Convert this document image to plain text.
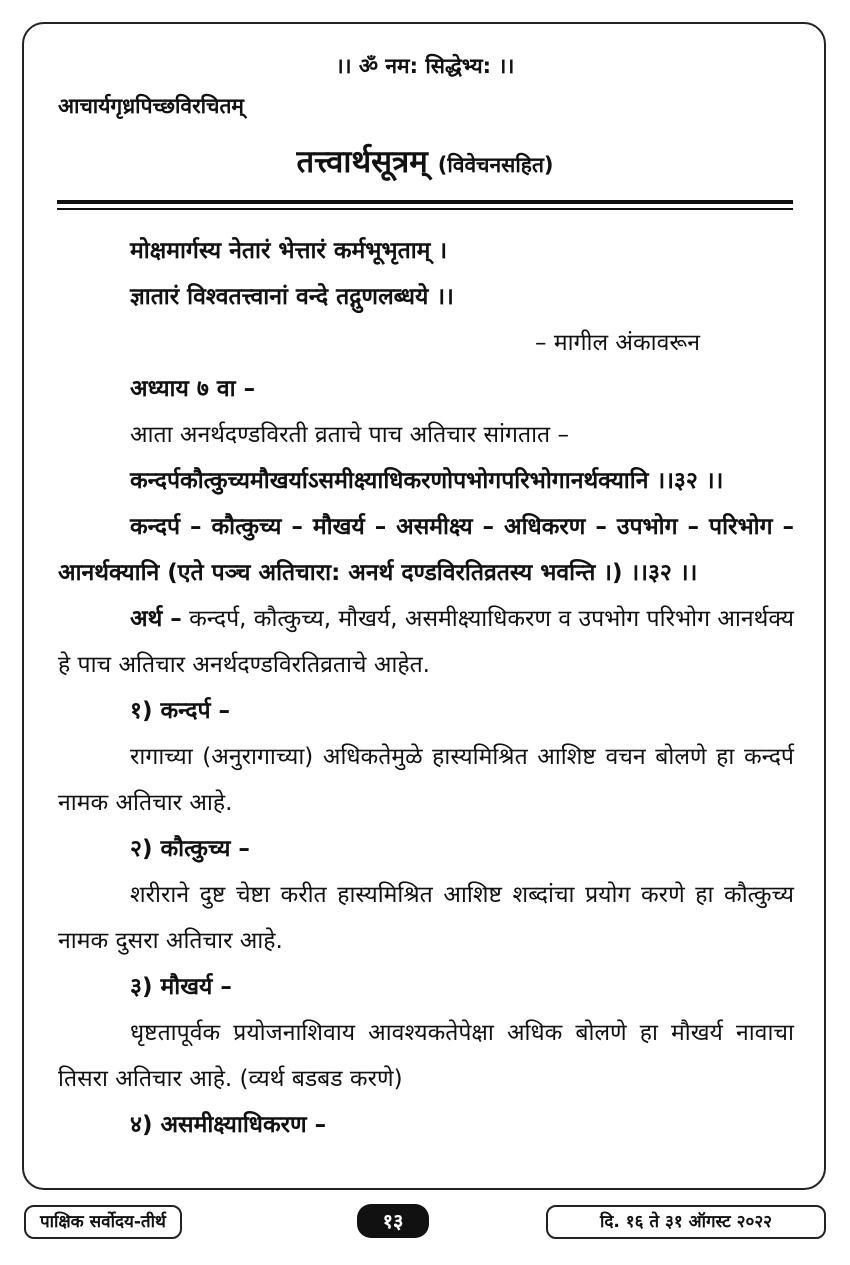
।। ॐ नम: सिद्धेभ्य: ।।
आचार्यगृध्रपिच्छविरचितम्
तत्त्वार्थसूत्रम् (विवेचनसहित)

मोक्षमार्गस्य नेतारं भेत्तारं कर्मभूभृताम् ।

ज्ञातारं विश्वतत्त्वानां वन्दे तद्गुणलब्धये ।।

– मागील अंकावरून

अध्याय ७ वा –

आता अनर्थदण्डविरती व्रताचे पाच अतिचार सांगतात –

कन्दर्पकौत्कुच्यमौखर्याऽसमीक्ष्याधिकरणोपभोगपरिभोगानर्थक्यानि ।।३२ ।।

कन्दर्प – कौत्कुच्य – मौखर्य – असमीक्ष्य – अधिकरण – उपभोग – परिभोग – आनर्थक्यानि (एते पञ्च अतिचारा: अनर्थ दण्डविरतिव्रतस्य भवन्ति ।) ।।३२ ।।

अर्थ – कन्दर्प, कौत्कुच्य, मौखर्य, असमीक्ष्याधिकरण व उपभोग परिभोग आनर्थक्य हे पाच अतिचार अनर्थदण्डविरतिव्रताचे आहेत.

१) कन्दर्प –

रागाच्या (अनुरागाच्या) अधिकतेमुळे हास्यमिश्रित आशिष्ट वचन बोलणे हा कन्दर्प नामक अतिचार आहे.

२) कौत्कुच्य –

शरीराने दुष्ट चेष्टा करीत हास्यमिश्रित आशिष्ट शब्दांचा प्रयोग करणे हा कौत्कुच्य नामक दुसरा अतिचार आहे.

३) मौखर्य –

धृष्टतापूर्वक प्रयोजनाशिवाय आवश्यकतेपेक्षा अधिक बोलणे हा मौखर्य नावाचा तिसरा अतिचार आहे. (व्यर्थ बडबड करणे)

४) असमीक्ष्याधिकरण –

पाक्षिक सर्वोदय-तीर्थ	१३	दि. १६ ते ३१ ऑगस्ट २०२२
